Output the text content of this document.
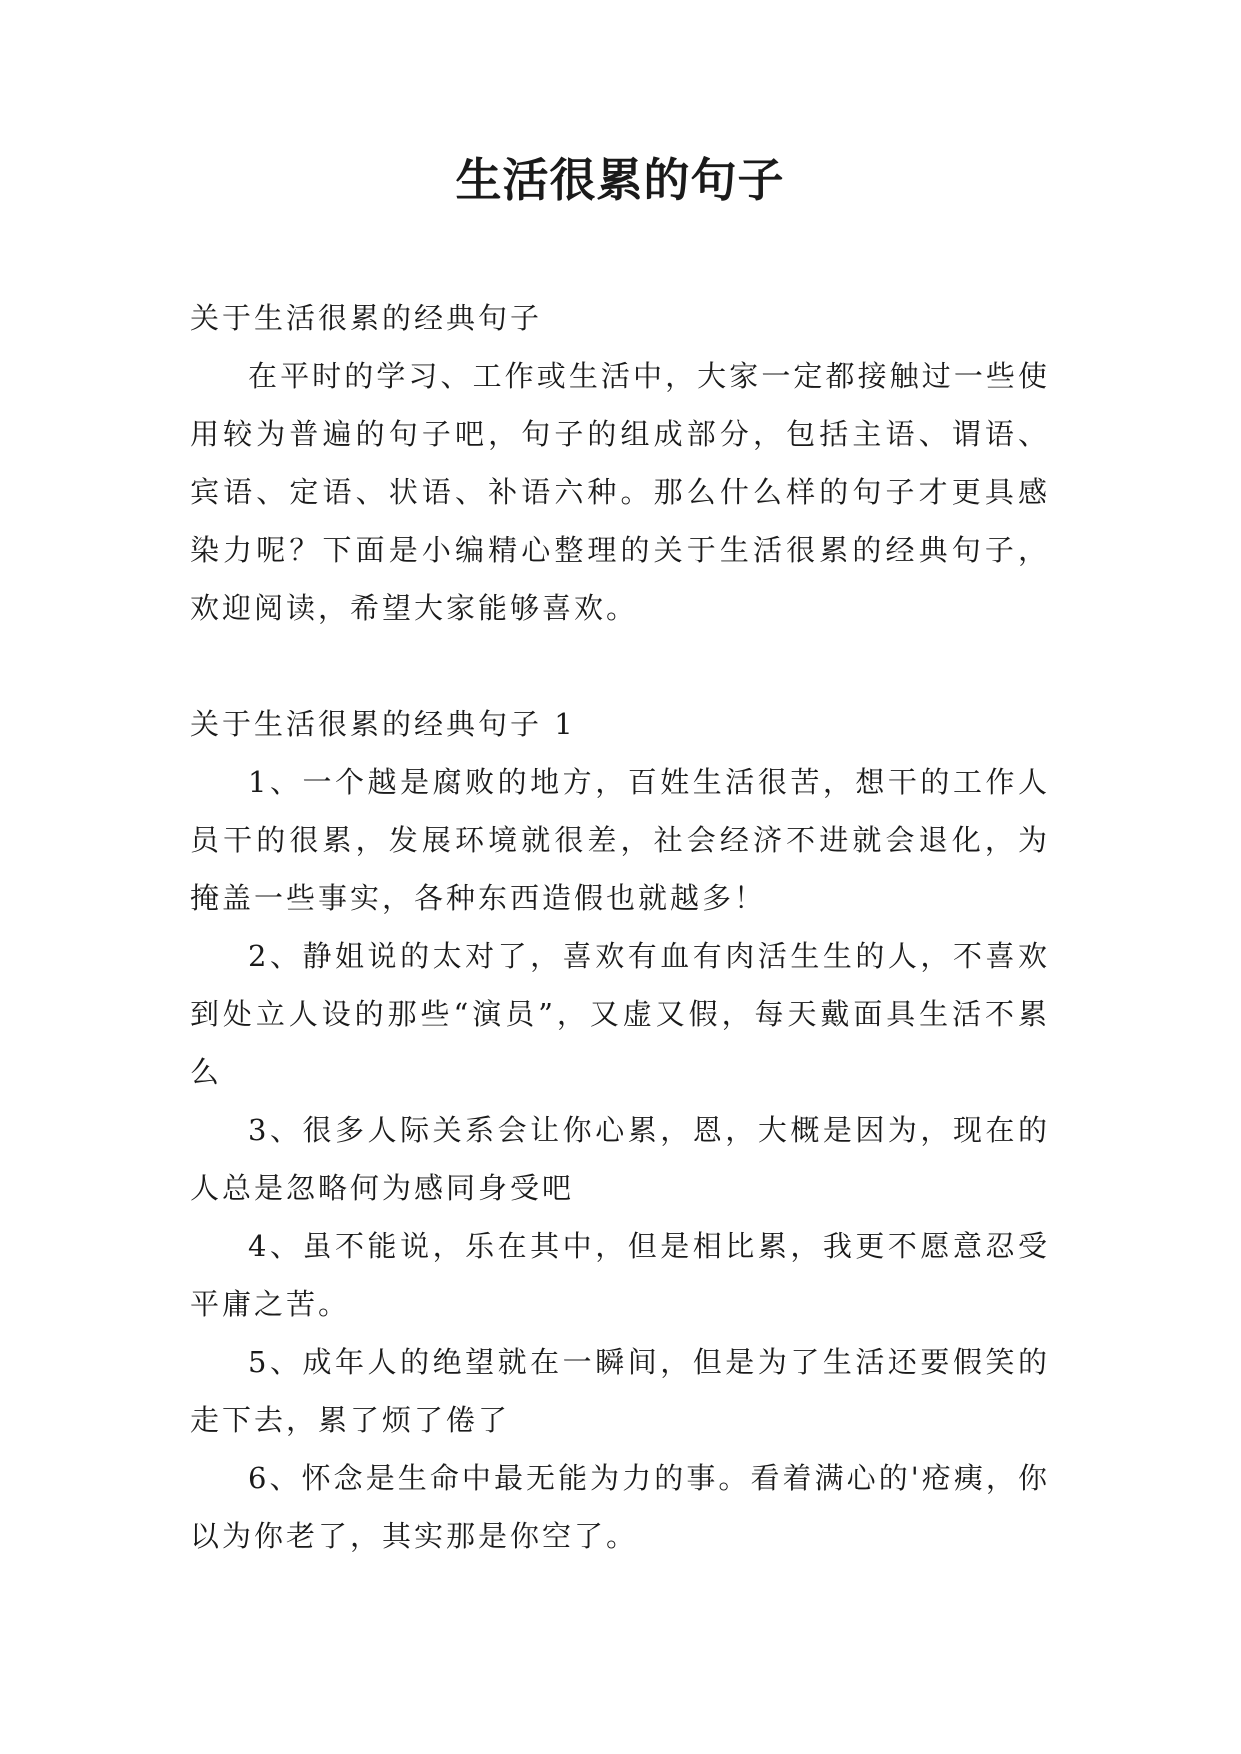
生活很累的句子

关于生活很累的经典句子

在平时的学习、工作或生活中，大家一定都接触过一些使用较为普遍的句子吧，句子的组成部分，包括主语、谓语、宾语、定语、状语、补语六种。那么什么样的句子才更具感染力呢？下面是小编精心整理的关于生活很累的经典句子，欢迎阅读，希望大家能够喜欢。

关于生活很累的经典句子 1

1、一个越是腐败的地方，百姓生活很苦，想干的工作人员干的很累，发展环境就很差，社会经济不进就会退化，为掩盖一些事实，各种东西造假也就越多！

2、静姐说的太对了，喜欢有血有肉活生生的人，不喜欢到处立人设的那些“演员”，又虚又假，每天戴面具生活不累么

3、很多人际关系会让你心累，恩，大概是因为，现在的人总是忽略何为感同身受吧

4、虽不能说，乐在其中，但是相比累，我更不愿意忍受平庸之苦。

5、成年人的绝望就在一瞬间，但是为了生活还要假笑的走下去，累了烦了倦了

6、怀念是生命中最无能为力的事。看着满心的'疮痍，你以为你老了，其实那是你空了。
